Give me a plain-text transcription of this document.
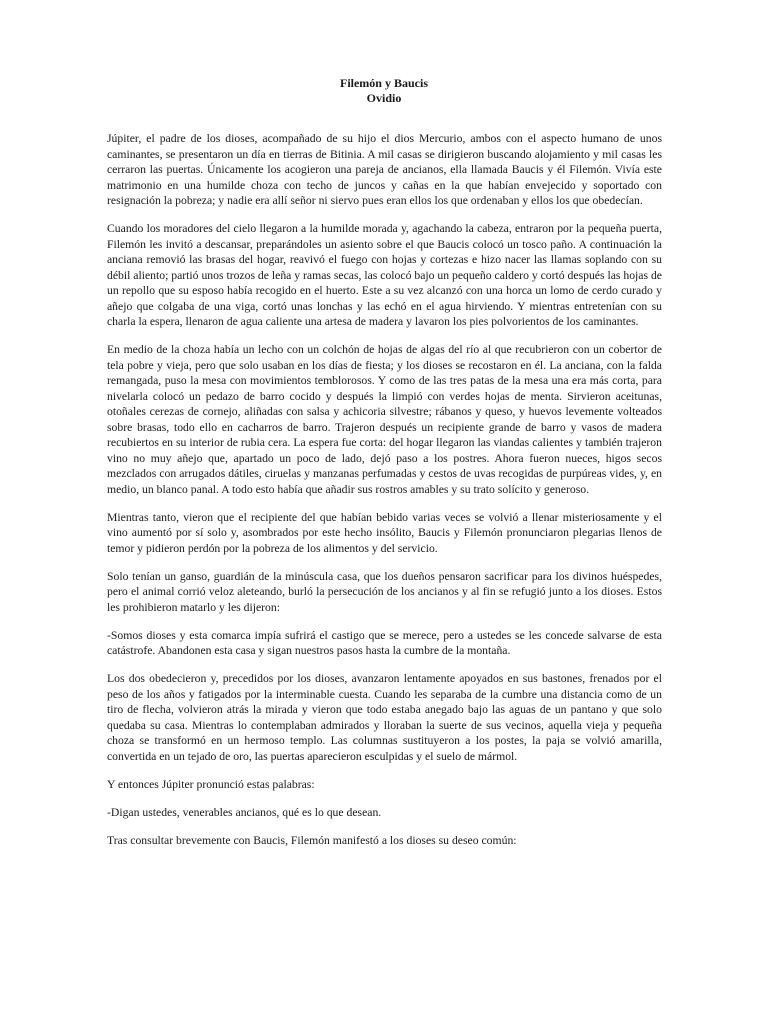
Filemón y Baucis
Ovidio

Júpiter, el padre de los dioses, acompañado de su hijo el dios Mercurio, ambos con el aspecto humano de unos caminantes, se presentaron un día en tierras de Bitinia. A mil casas se dirigieron buscando alojamiento y mil casas les cerraron las puertas. Únicamente los acogieron una pareja de ancianos, ella llamada Baucis y él Filemón. Vivía este matrimonio en una humilde choza con techo de juncos y cañas en la que habían envejecido y soportado con resignación la pobreza; y nadie era allí señor ni siervo pues eran ellos los que ordenaban y ellos los que obedecían.

Cuando los moradores del cielo llegaron a la humilde morada y, agachando la cabeza, entraron por la pequeña puerta, Filemón les invitó a descansar, preparándoles un asiento sobre el que Baucis colocó un tosco paño. A continuación la anciana removió las brasas del hogar, reavivó el fuego con hojas y cortezas e hizo nacer las llamas soplando con su débil aliento; partió unos trozos de leña y ramas secas, las colocó bajo un pequeño caldero y cortó después las hojas de un repollo que su esposo había recogido en el huerto. Este a su vez alcanzó con una horca un lomo de cerdo curado y añejo que colgaba de una viga, cortó unas lonchas y las echó en el agua hirviendo. Y mientras entretenían con su charla la espera, llenaron de agua caliente una artesa de madera y lavaron los pies polvorientos de los caminantes.

En medio de la choza había un lecho con un colchón de hojas de algas del río al que recubrieron con un cobertor de tela pobre y vieja, pero que solo usaban en los días de fiesta; y los dioses se recostaron en él. La anciana, con la falda remangada, puso la mesa con movimientos temblorosos. Y como de las tres patas de la mesa una era más corta, para nivelarla colocó un pedazo de barro cocido y después la limpió con verdes hojas de menta. Sirvieron aceitunas, otoñales cerezas de cornejo, aliñadas con salsa y achicoria silvestre; rábanos y queso, y huevos levemente volteados sobre brasas, todo ello en cacharros de barro. Trajeron después un recipiente grande de barro y vasos de madera recubiertos en su interior de rubia cera. La espera fue corta: del hogar llegaron las viandas calientes y también trajeron vino no muy añejo que, apartado un poco de lado, dejó paso a los postres. Ahora fueron nueces, higos secos mezclados con arrugados dátiles, ciruelas y manzanas perfumadas y cestos de uvas recogidas de purpúreas vides, y, en medio, un blanco panal. A todo esto había que añadir sus rostros amables y su trato solícito y generoso.

Mientras tanto, vieron que el recipiente del que habían bebido varias veces se volvió a llenar misteriosamente y el vino aumentó por sí solo y, asombrados por este hecho insólito, Baucis y Filemón pronunciaron plegarias llenos de temor y pidieron perdón por la pobreza de los alimentos y del servicio.

Solo tenían un ganso, guardián de la minúscula casa, que los dueños pensaron sacrificar para los divinos huéspedes, pero el animal corrió veloz aleteando, burló la persecución de los ancianos y al fin se refugió junto a los dioses. Estos les prohibieron matarlo y les dijeron:

-Somos dioses y esta comarca impía sufrirá el castigo que se merece, pero a ustedes se les concede salvarse de esta catástrofe. Abandonen esta casa y sigan nuestros pasos hasta la cumbre de la montaña.

Los dos obedecieron y, precedidos por los dioses, avanzaron lentamente apoyados en sus bastones, frenados por el peso de los años y fatigados por la interminable cuesta. Cuando les separaba de la cumbre una distancia como de un tiro de flecha, volvieron atrás la mirada y vieron que todo estaba anegado bajo las aguas de un pantano y que solo quedaba su casa. Mientras lo contemplaban admirados y lloraban la suerte de sus vecinos, aquella vieja y pequeña choza se transformó en un hermoso templo. Las columnas sustituyeron a los postes, la paja se volvió amarilla, convertida en un tejado de oro, las puertas aparecieron esculpidas y el suelo de mármol.

Y entonces Júpiter pronunció estas palabras:

-Digan ustedes, venerables ancianos, qué es lo que desean.

Tras consultar brevemente con Baucis, Filemón manifestó a los dioses su deseo común:
